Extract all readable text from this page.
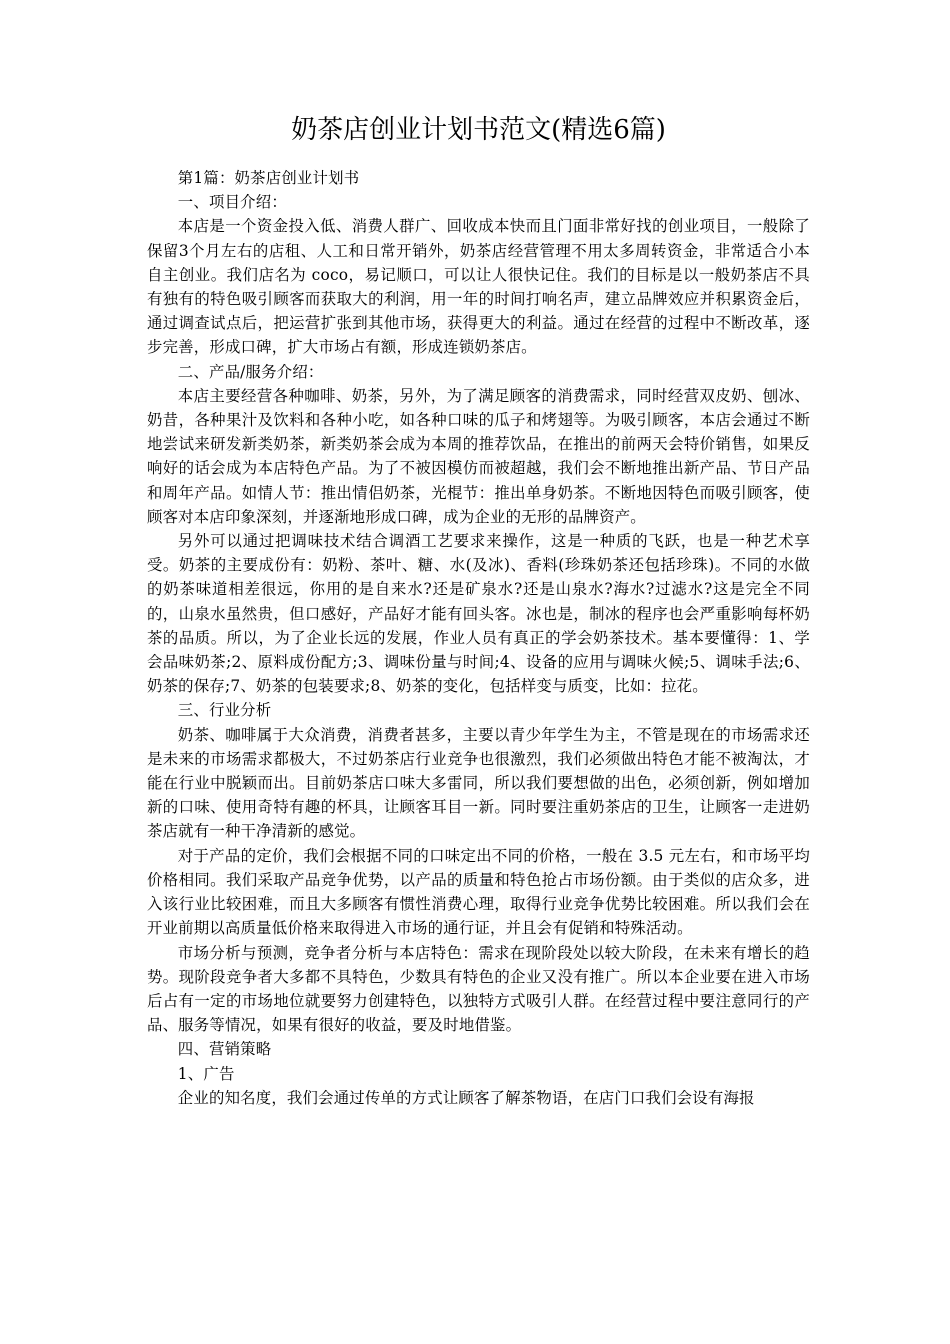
奶茶店创业计划书范文(精选6篇)

第1篇：奶茶店创业计划书

一、项目介绍：

本店是一个资金投入低、消费人群广、回收成本快而且门面非常好找的创业项目，一般除了保留3个月左右的店租、人工和日常开销外，奶茶店经营管理不用太多周转资金，非常适合小本自主创业。我们店名为 coco，易记顺口，可以让人很快记住。我们的目标是以一般奶茶店不具有独有的特色吸引顾客而获取大的利润，用一年的时间打响名声，建立品牌效应并积累资金后，通过调查试点后，把运营扩张到其他市场，获得更大的利益。通过在经营的过程中不断改革，逐步完善，形成口碑，扩大市场占有额，形成连锁奶茶店。

二、产品/服务介绍：

本店主要经营各种咖啡、奶茶，另外，为了满足顾客的消费需求，同时经营双皮奶、刨冰、奶昔，各种果汁及饮料和各种小吃，如各种口味的瓜子和烤翅等。为吸引顾客，本店会通过不断地尝试来研发新类奶茶，新类奶茶会成为本周的推荐饮品，在推出的前两天会特价销售，如果反响好的话会成为本店特色产品。为了不被因模仿而被超越，我们会不断地推出新产品、节日产品和周年产品。如情人节：推出情侣奶茶，光棍节：推出单身奶茶。不断地因特色而吸引顾客，使顾客对本店印象深刻，并逐渐地形成口碑，成为企业的无形的品牌资产。

另外可以通过把调味技术结合调酒工艺要求来操作，这是一种质的飞跃，也是一种艺术享受。奶茶的主要成份有：奶粉、茶叶、糖、水(及冰)、香料(珍珠奶茶还包括珍珠)。不同的水做的奶茶味道相差很远，你用的是自来水?还是矿泉水?还是山泉水?海水?过滤水?这是完全不同的，山泉水虽然贵，但口感好，产品好才能有回头客。冰也是，制冰的程序也会严重影响每杯奶茶的品质。所以，为了企业长远的发展，作业人员有真正的学会奶茶技术。基本要懂得：1、学会品味奶茶;2、原料成份配方;3、调味份量与时间;4、设备的应用与调味火候;5、调味手法;6、奶茶的保存;7、奶茶的包装要求;8、奶茶的变化，包括样变与质变，比如：拉花。

三、行业分析

奶茶、咖啡属于大众消费，消费者甚多，主要以青少年学生为主，不管是现在的市场需求还是未来的市场需求都极大，不过奶茶店行业竞争也很激烈，我们必须做出特色才能不被淘汰，才能在行业中脱颖而出。目前奶茶店口味大多雷同，所以我们要想做的出色，必须创新，例如增加新的口味、使用奇特有趣的杯具，让顾客耳目一新。同时要注重奶茶店的卫生，让顾客一走进奶茶店就有一种干净清新的感觉。

对于产品的定价，我们会根据不同的口味定出不同的价格，一般在 3.5 元左右，和市场平均价格相同。我们采取产品竞争优势，以产品的质量和特色抢占市场份额。由于类似的店众多，进入该行业比较困难，而且大多顾客有惯性消费心理，取得行业竞争优势比较困难。所以我们会在开业前期以高质量低价格来取得进入市场的通行证，并且会有促销和特殊活动。

市场分析与预测，竞争者分析与本店特色：需求在现阶段处以较大阶段，在未来有增长的趋势。现阶段竞争者大多都不具特色，少数具有特色的企业又没有推广。所以本企业要在进入市场后占有一定的市场地位就要努力创建特色，以独特方式吸引人群。在经营过程中要注意同行的产品、服务等情况，如果有很好的收益，要及时地借鉴。

四、营销策略

1、广告

企业的知名度，我们会通过传单的方式让顾客了解茶物语，在店门口我们会设有海报
